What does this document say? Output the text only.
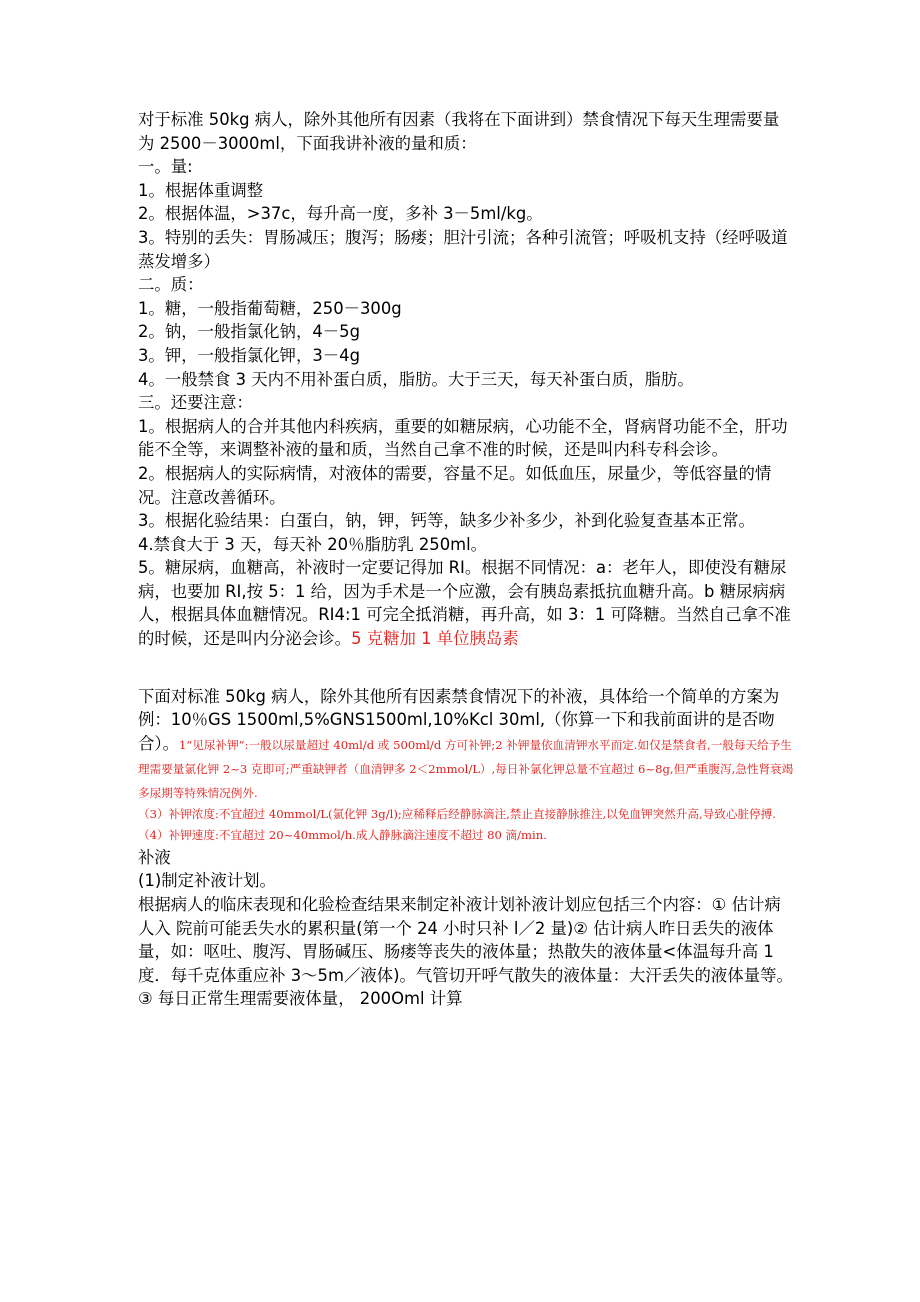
对于标准 50kg 病人，除外其他所有因素（我将在下面讲到）禁食情况下每天生理需要量为 2500－3000ml，下面我讲补液的量和质：

一。量:

1。根据体重调整

2。根据体温，>37c，每升高一度，多补 3－5ml/kg。

3。特别的丢失：胃肠减压；腹泻；肠瘘；胆汁引流；各种引流管；呼吸机支持（经呼吸道蒸发增多）

二。质：

1。糖，一般指葡萄糖，250－300g

2。钠，一般指氯化钠，4－5g

3。钾，一般指氯化钾，3－4g

4。一般禁食 3 天内不用补蛋白质，脂肪。大于三天，每天补蛋白质，脂肪。

三。还要注意：

1。根据病人的合并其他内科疾病，重要的如糖尿病，心功能不全，肾病肾功能不全，肝功能不全等，来调整补液的量和质，当然自己拿不准的时候，还是叫内科专科会诊。

2。根据病人的实际病情，对液体的需要，容量不足。如低血压，尿量少，等低容量的情况。注意改善循环。

3。根据化验结果：白蛋白，钠，钾，钙等，缺多少补多少，补到化验复查基本正常。

4.禁食大于 3 天，每天补 20％脂肪乳 250ml。

5。糖尿病，血糖高，补液时一定要记得加 RI。根据不同情况：a：老年人，即使没有糖尿病，也要加 RI,按 5：1 给，因为手术是一个应激，会有胰岛素抵抗血糖升高。b 糖尿病病人，根据具体血糖情况。RI4:1 可完全抵消糖，再升高，如 3：1 可降糖。当然自己拿不准的时候，还是叫内分泌会诊。5 克糖加 1 单位胰岛素

下面对标准 50kg 病人，除外其他所有因素禁食情况下的补液，具体给一个简单的方案为例：10％GS 1500ml,5%GNS1500ml,10%Kcl 30ml,（你算一下和我前面讲的是否吻合）。1“见尿补钾”:一般以尿量超过 40ml/d 或 500ml/d 方可补钾;2 补钾量依血清钾水平而定.如仅是禁食者,一般每天给予生理需要量氯化钾 2~3 克即可;严重缺钾者（血清钾多 2＜2mmol/L）,每日补氯化钾总量不宜超过 6~8g,但严重腹泻,急性肾衰竭多尿期等特殊情况例外.

（3）补钾浓度:不宜超过 40mmol/L(氯化钾 3g/l);应稀释后经静脉滴注,禁止直接静脉推注,以免血钾突然升高,导致心脏停搏.

（4）补钾速度:不宜超过 20~40mmol/h.成人静脉滴注速度不超过 80 滴/min.

补液

(1)制定补液计划。

根据病人的临床表现和化验检查结果来制定补液计划补液计划应包括三个内容：① 估计病人入 院前可能丢失水的累积量(第一个 24 小时只补 l／2 量)② 估计病人昨日丢失的液体量，如：呕吐、腹泻、胃肠碱压、肠瘘等丧失的液体量；热散失的液体量<体温每升高 1 度．每千克体重应补 3～5m／液体)。气管切开呼气散失的液体量：大汗丢失的液体量等。③ 每日正常生理需要液体量， 200Oml 计算
